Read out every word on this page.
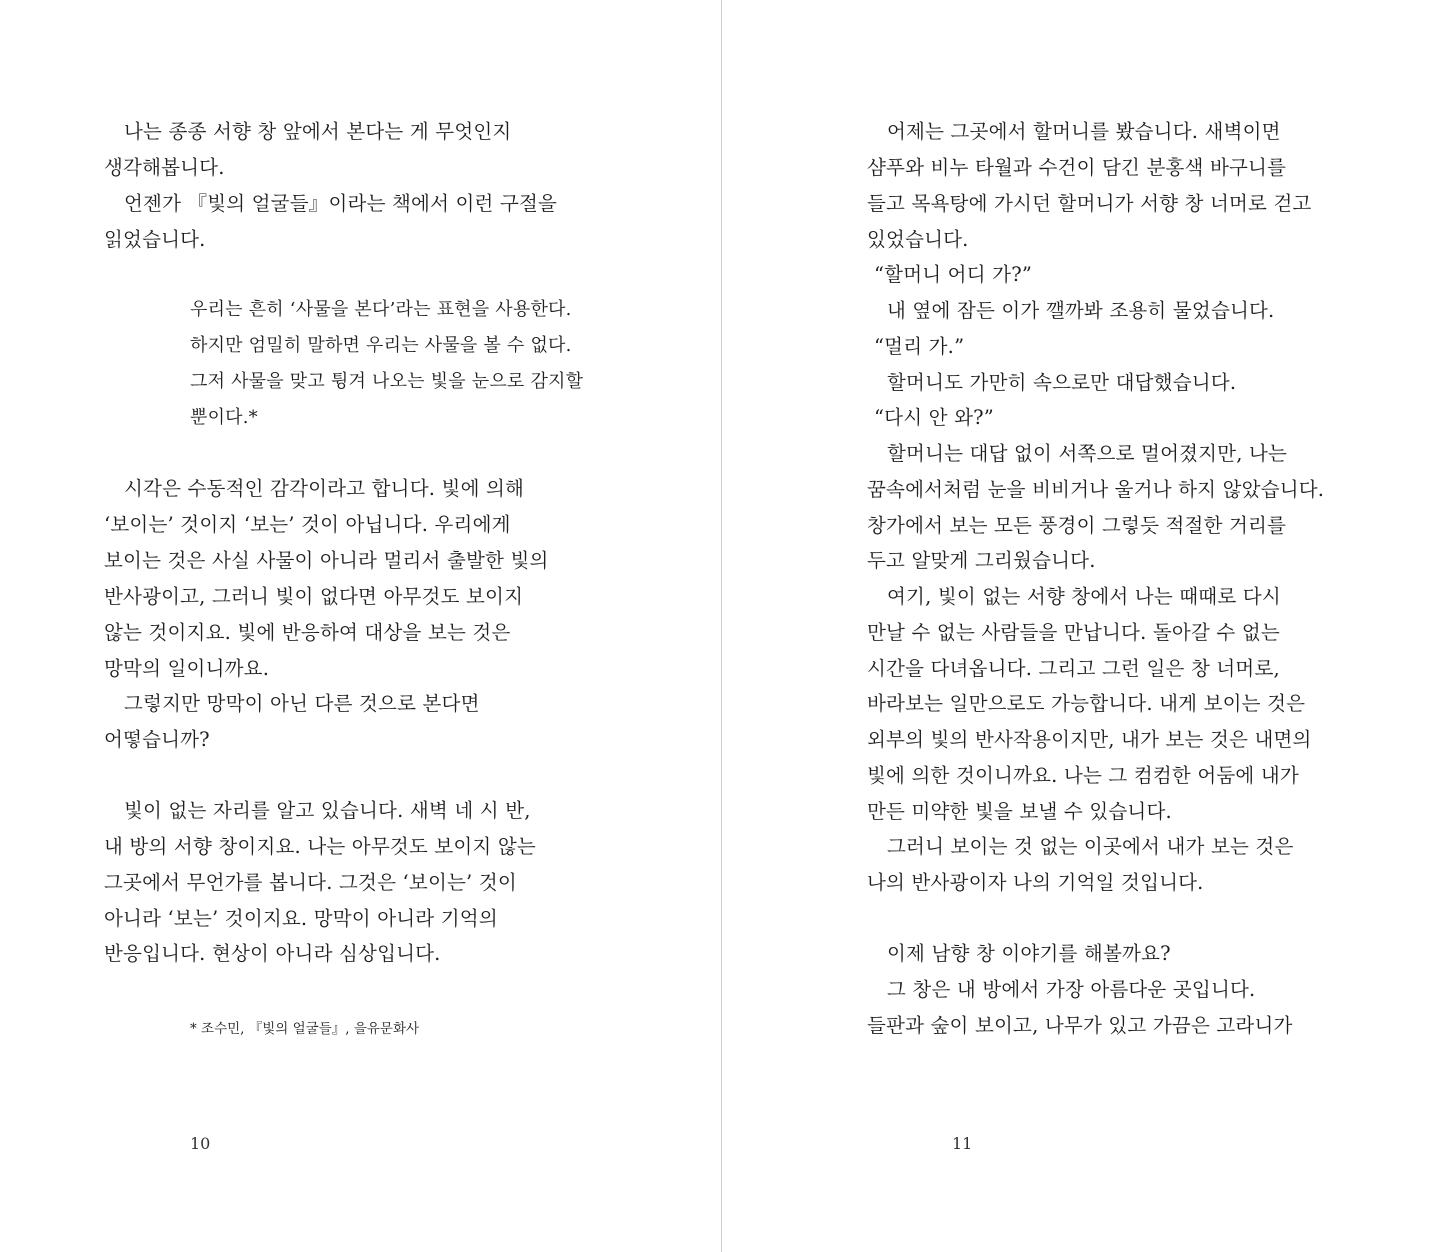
나는 종종 서향 창 앞에서 본다는 게 무엇인지
생각해봅니다.
언젠가 『빛의 얼굴들』이라는 책에서 이런 구절을
읽었습니다.
우리는 흔히 ‘사물을 본다’라는 표현을 사용한다.
하지만 엄밀히 말하면 우리는 사물을 볼 수 없다.
그저 사물을 맞고 튕겨 나오는 빛을 눈으로 감지할
뿐이다.*
시각은 수동적인 감각이라고 합니다. 빛에 의해
‘보이는’ 것이지 ‘보는’ 것이 아닙니다. 우리에게
보이는 것은 사실 사물이 아니라 멀리서 출발한 빛의
반사광이고, 그러니 빛이 없다면 아무것도 보이지
않는 것이지요. 빛에 반응하여 대상을 보는 것은
망막의 일이니까요.
그렇지만 망막이 아닌 다른 것으로 본다면
어떻습니까?
빛이 없는 자리를 알고 있습니다. 새벽 네 시 반,
내 방의 서향 창이지요. 나는 아무것도 보이지 않는
그곳에서 무언가를 봅니다. 그것은 ‘보이는’ 것이
아니라 ‘보는’ 것이지요. 망막이 아니라 기억의
반응입니다. 현상이 아니라 심상입니다.
* 조수민, 『빛의 얼굴들』, 을유문화사
10
어제는 그곳에서 할머니를 봤습니다. 새벽이면
샴푸와 비누 타월과 수건이 담긴 분홍색 바구니를
들고 목욕탕에 가시던 할머니가 서향 창 너머로 걷고
있었습니다.
“할머니 어디 가?”
내 옆에 잠든 이가 깰까봐 조용히 물었습니다.
“멀리 가.”
할머니도 가만히 속으로만 대답했습니다.
“다시 안 와?”
할머니는 대답 없이 서쪽으로 멀어졌지만, 나는
꿈속에서처럼 눈을 비비거나 울거나 하지 않았습니다.
창가에서 보는 모든 풍경이 그렇듯 적절한 거리를
두고 알맞게 그리웠습니다.
여기, 빛이 없는 서향 창에서 나는 때때로 다시
만날 수 없는 사람들을 만납니다. 돌아갈 수 없는
시간을 다녀옵니다. 그리고 그런 일은 창 너머로,
바라보는 일만으로도 가능합니다. 내게 보이는 것은
외부의 빛의 반사작용이지만, 내가 보는 것은 내면의
빛에 의한 것이니까요. 나는 그 컴컴한 어둠에 내가
만든 미약한 빛을 보낼 수 있습니다.
그러니 보이는 것 없는 이곳에서 내가 보는 것은
나의 반사광이자 나의 기억일 것입니다.
이제 남향 창 이야기를 해볼까요?
그 창은 내 방에서 가장 아름다운 곳입니다.
들판과 숲이 보이고, 나무가 있고 가끔은 고라니가
11
